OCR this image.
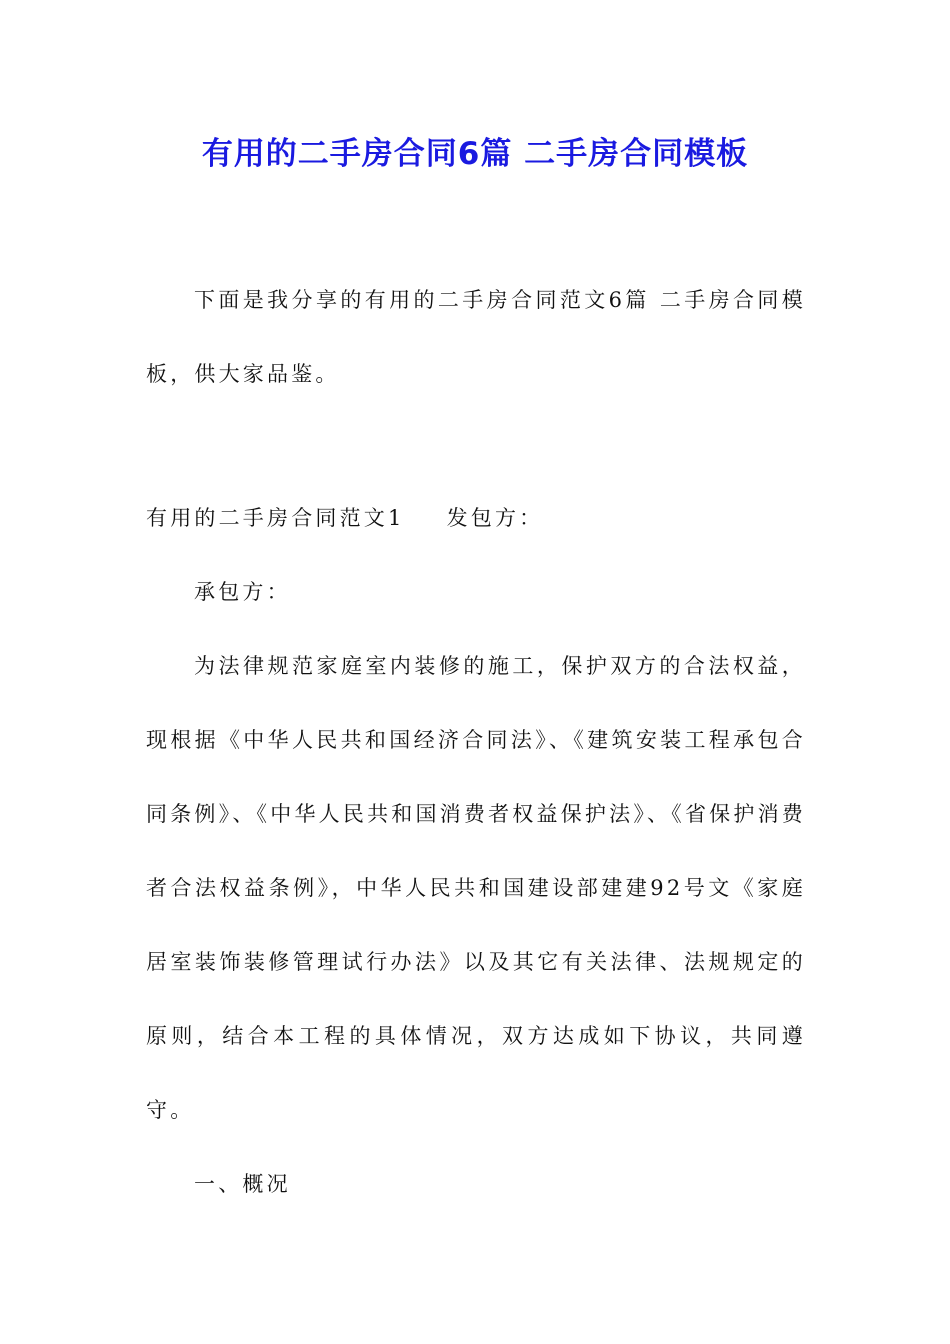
有用的二手房合同6篇 二手房合同模板

下面是我分享的有用的二手房合同范文6篇 二手房合同模板，供大家品鉴。

有用的二手房合同范文1 发包方：

承包方：

为法律规范家庭室内装修的施工，保护双方的合法权益，现根据《中华人民共和国经济合同法》、《建筑安装工程承包合同条例》、《中华人民共和国消费者权益保护法》、《省保护消费者合法权益条例》，中华人民共和国建设部建建92号文《家庭居室装饰装修管理试行办法》以及其它有关法律、法规规定的原则，结合本工程的具体情况，双方达成如下协议，共同遵守。

一、概况
